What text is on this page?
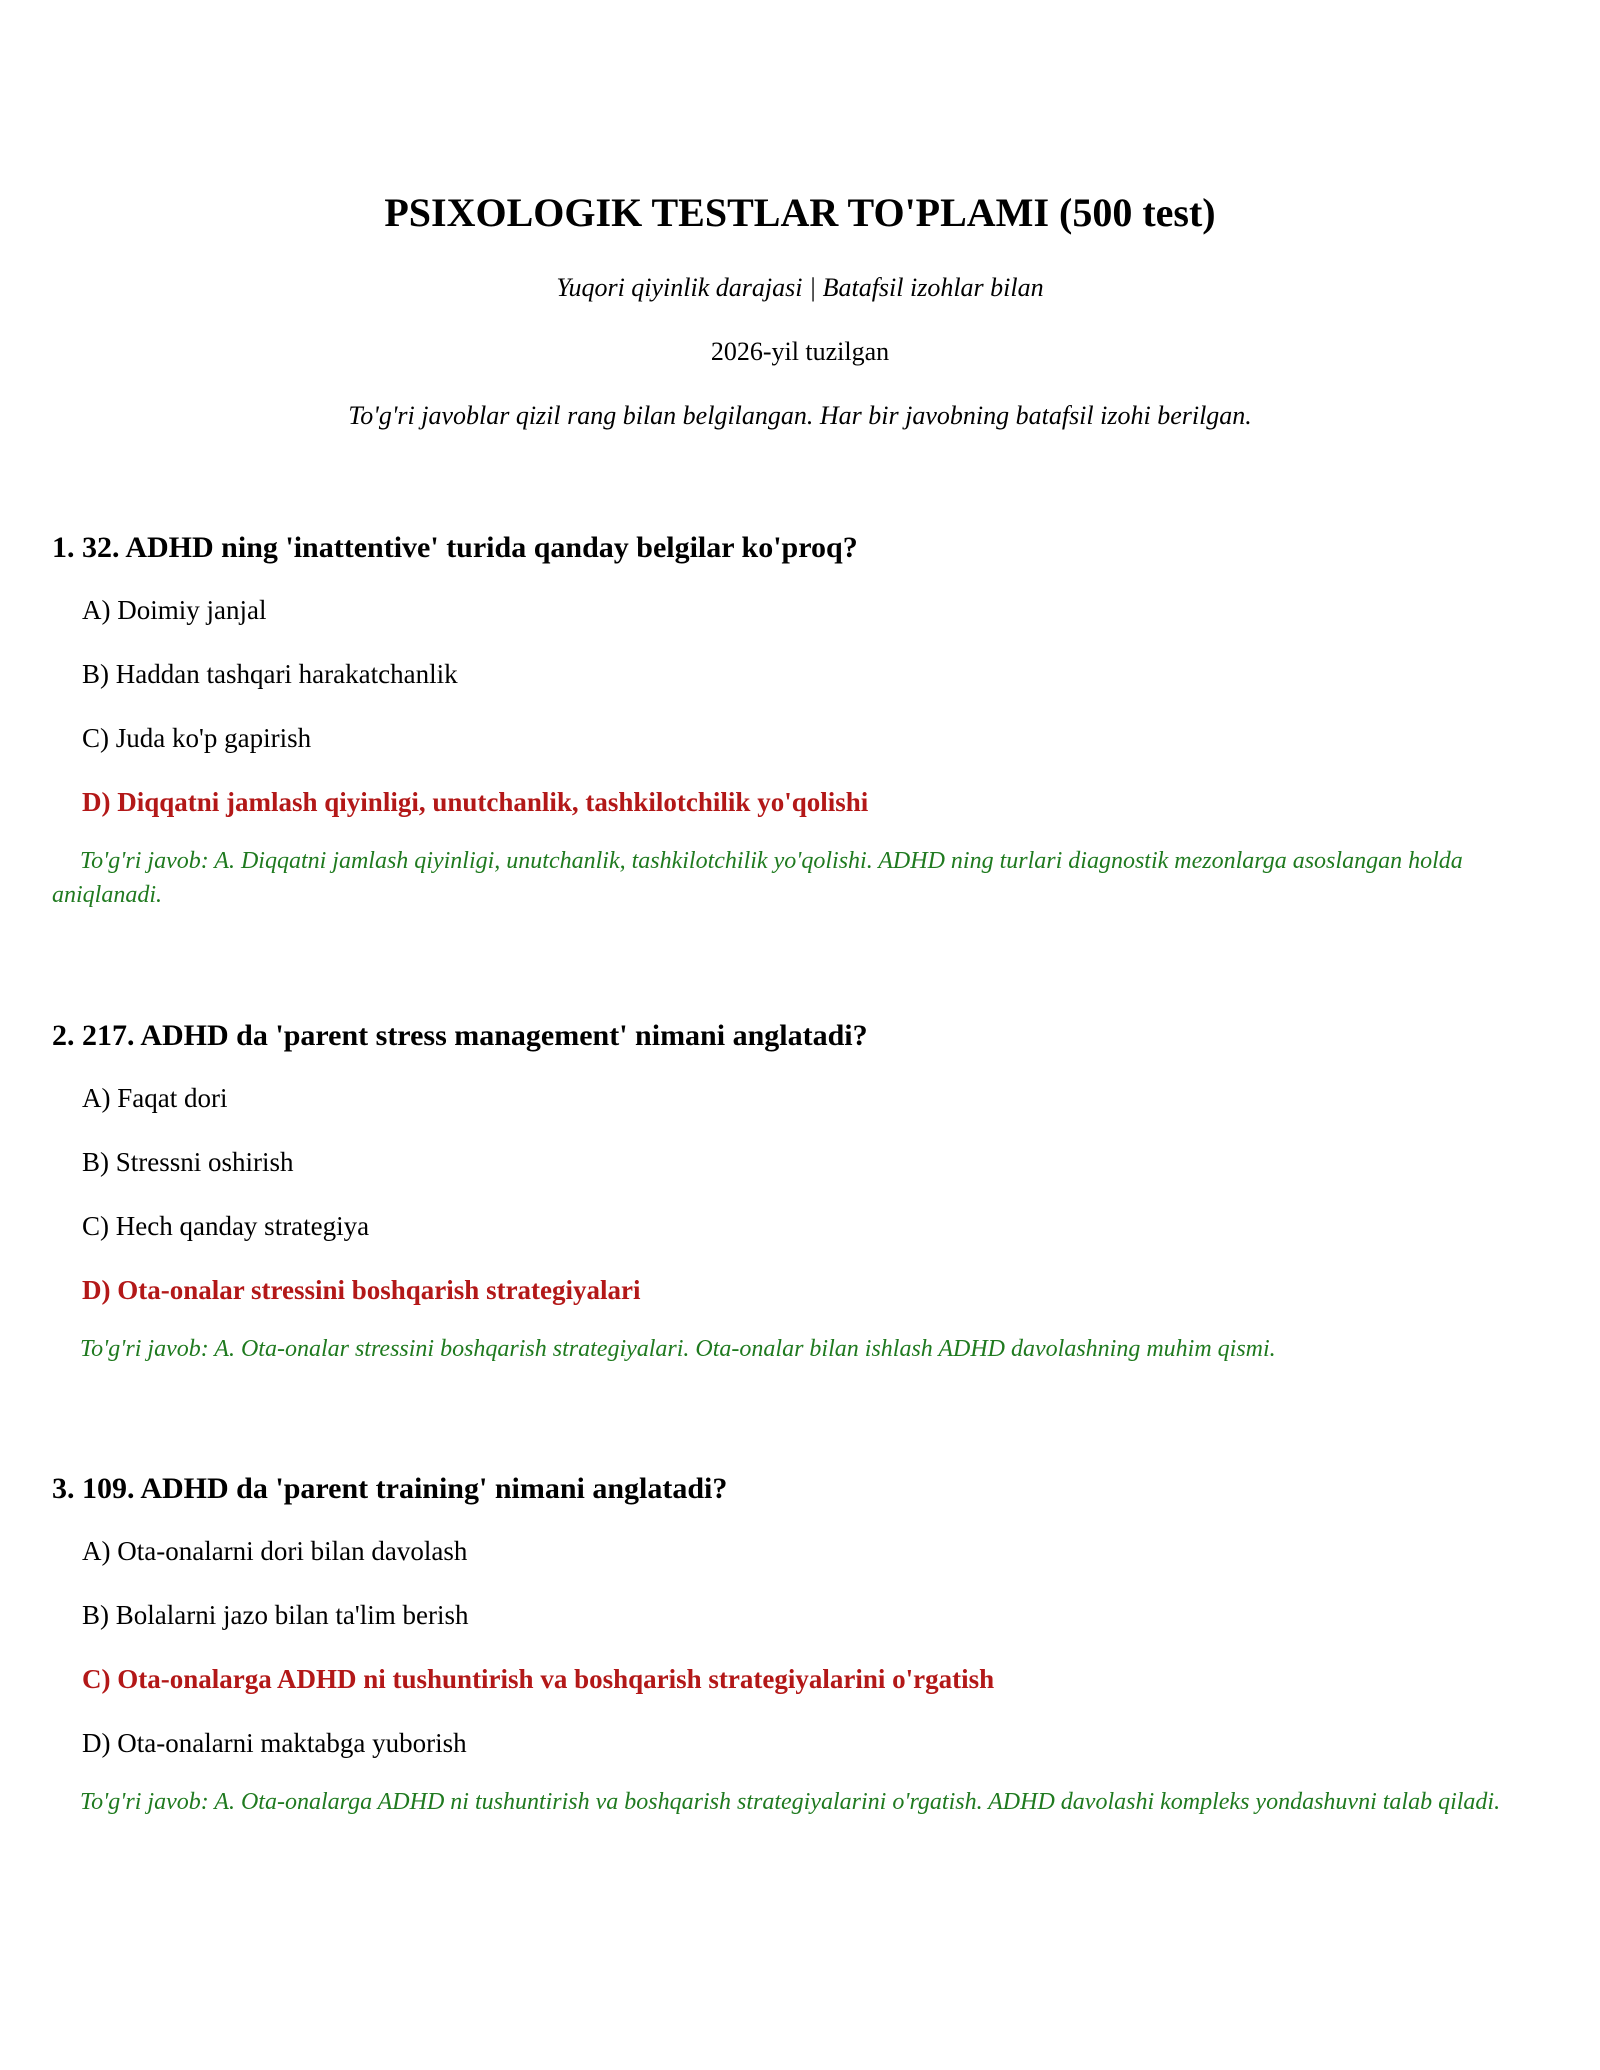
PSIXOLOGIK TESTLAR TO'PLAMI (500 test)
Yuqori qiyinlik darajasi | Batafsil izohlar bilan
2026-yil tuzilgan
To'g'ri javoblar qizil rang bilan belgilangan. Har bir javobning batafsil izohi berilgan.
1. 32. ADHD ning 'inattentive' turida qanday belgilar ko'proq?
A) Doimiy janjal
B) Haddan tashqari harakatchanlik
C) Juda ko'p gapirish
D) Diqqatni jamlash qiyinligi, unutchanlik, tashkilotchilik yo'qolishi
To'g'ri javob: A. Diqqatni jamlash qiyinligi, unutchanlik, tashkilotchilik yo'qolishi. ADHD ning turlari diagnostik mezonlarga asoslangan holda aniqlanadi.
2. 217. ADHD da 'parent stress management' nimani anglatadi?
A) Faqat dori
B) Stressni oshirish
C) Hech qanday strategiya
D) Ota-onalar stressini boshqarish strategiyalari
To'g'ri javob: A. Ota-onalar stressini boshqarish strategiyalari. Ota-onalar bilan ishlash ADHD davolashning muhim qismi.
3. 109. ADHD da 'parent training' nimani anglatadi?
A) Ota-onalarni dori bilan davolash
B) Bolalarni jazo bilan ta'lim berish
C) Ota-onalarga ADHD ni tushuntirish va boshqarish strategiyalarini o'rgatish
D) Ota-onalarni maktabga yuborish
To'g'ri javob: A. Ota-onalarga ADHD ni tushuntirish va boshqarish strategiyalarini o'rgatish. ADHD davolashi kompleks yondashuvni talab qiladi.
